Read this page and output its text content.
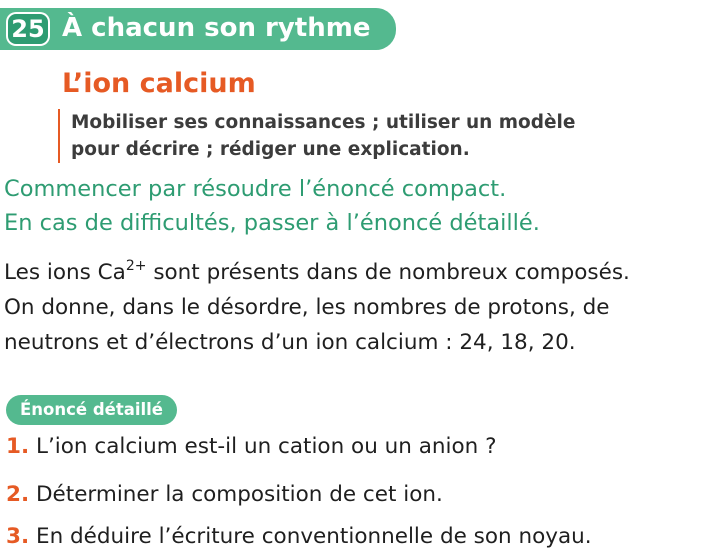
25 À chacun son rythme
L’ion calcium
Mobiliser ses connaissances ; utiliser un modèle
pour décrire ; rédiger une explication.
Commencer par résoudre l’énoncé compact.
En cas de difficultés, passer à l’énoncé détaillé.
Les ions $Ca^{2+}$ sont présents dans de nombreux composés.
On donne, dans le désordre, les nombres de protons, de
neutrons et d’électrons d’un ion calcium : 24, 18, 20.
Énoncé détaillé
1. L’ion calcium est-il un cation ou un anion ?
2. Déterminer la composition de cet ion.
3. En déduire l’écriture conventionnelle de son noyau.
